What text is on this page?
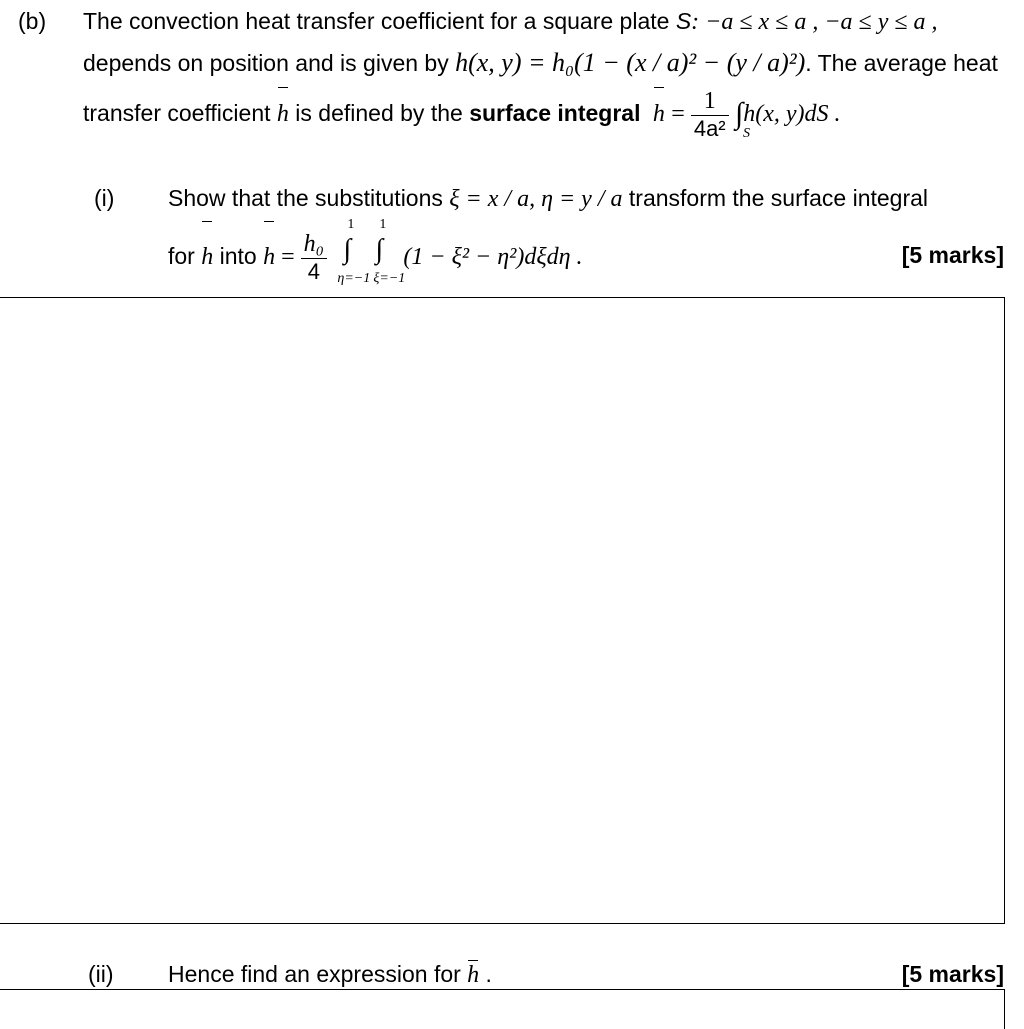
(b) The convection heat transfer coefficient for a square plate S: −a ≤ x ≤ a , −a ≤ y ≤ a ,
depends on position and is given by h(x, y) = h₀(1 − (x / a)² − (y / a)²). The average heat
transfer coefficient h is defined by the surface integral $h = \frac{1}{\text{4a²}}$ ∫
S
h(x, y)dS .
(i) Show that the substitutions ξ = x / a, η = y / a transform the surface integral
for h into $h = \frac{\text{h₀}}{4}$

1
∫
η=−1
1
∫
ξ=−1
(1 − ξ² − η²)dξdη .	[5 marks]
(ii) Hence find an expression for h .	[5 marks]
